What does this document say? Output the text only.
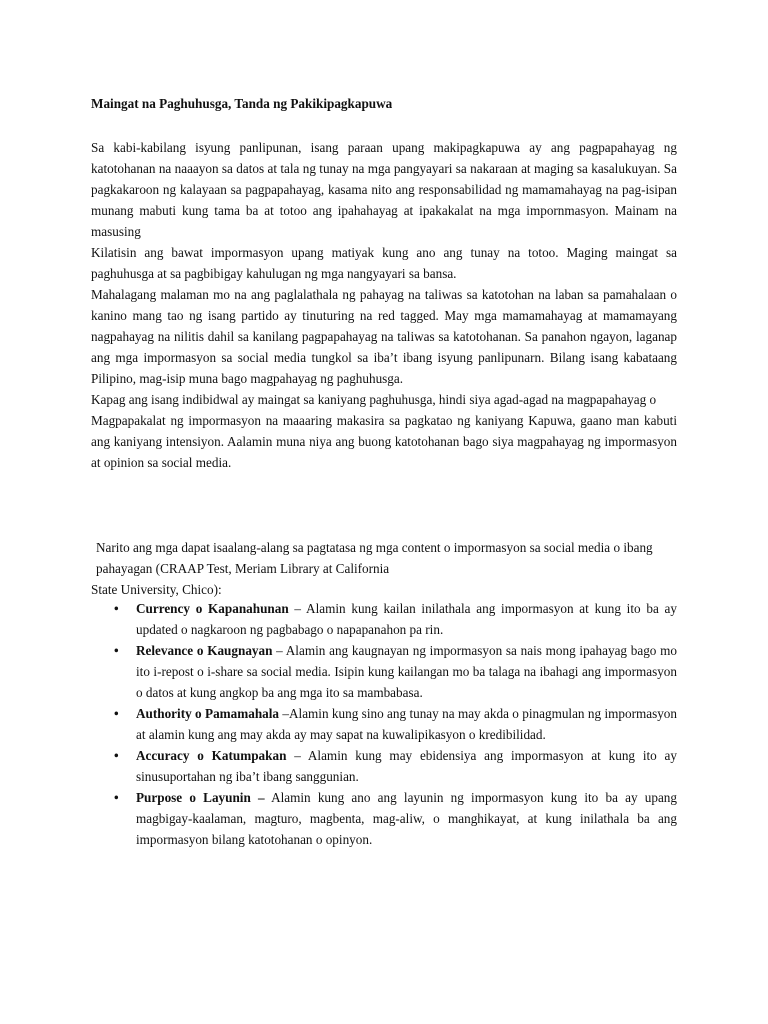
Maingat na Paghuhusga, Tanda ng Pakikipagkapuwa

Sa kabi-kabilang isyung panlipunan, isang paraan upang makipagkapuwa ay ang pagpapahayag ng katotohanan na naaayon sa datos at tala ng tunay na mga pangyayari sa nakaraan at maging sa kasalukuyan. Sa pagkakaroon ng kalayaan sa pagpapahayag, kasama nito ang responsabilidad ng mamamahayag na pag-isipan munang mabuti kung tama ba at totoo ang ipahahayag at ipakakalat na mga impornmasyon. Mainam na masusing

Kilatisin ang bawat impormasyon upang matiyak kung ano ang tunay na totoo. Maging maingat sa paghuhusga at sa pagbibigay kahulugan ng mga nangyayari sa bansa.

Mahalagang malaman mo na ang paglalathala ng pahayag na taliwas sa katotohan na laban sa pamahalaan o kanino mang tao ng isang partido ay tinuturing na red tagged. May mga mamamahayag at mamamayang nagpahayag na nilitis dahil sa kanilang pagpapahayag na taliwas sa katotohanan. Sa panahon ngayon, laganap ang mga impormasyon sa social media tungkol sa iba’t ibang isyung panlipunarn. Bilang isang kabataang Pilipino, mag-isip muna bago magpahayag ng paghuhusga.

Kapag ang isang indibidwal ay maingat sa kaniyang paghuhusga, hindi siya agad-agad na magpapahayag o

Magpapakalat ng impormasyon na maaaring makasira sa pagkatao ng kaniyang Kapuwa, gaano man kabuti ang kaniyang intensiyon. Aalamin muna niya ang buong katotohanan bago siya magpahayag ng impormasyon at opinion sa social media.

Narito ang mga dapat isaalang-alang sa pagtatasa ng mga content o impormasyon sa social media o ibang pahayagan (CRAAP Test, Meriam Library at California

State University, Chico):

• Currency o Kapanahunan – Alamin kung kailan inilathala ang impormasyon at kung ito ba ay updated o nagkaroon ng pagbabago o napapanahon pa rin.
• Relevance o Kaugnayan – Alamin ang kaugnayan ng impormasyon sa nais mong ipahayag bago mo ito i-repost o i-share sa social media. Isipin kung kailangan mo ba talaga na ibahagi ang impormasyon o datos at kung angkop ba ang mga ito sa mambabasa.
• Authority o Pamamahala –Alamin kung sino ang tunay na may akda o pinagmulan ng impormasyon at alamin kung ang may akda ay may sapat na kuwalipikasyon o kredibilidad.
• Accuracy o Katumpakan – Alamin kung may ebidensiya ang impormasyon at kung ito ay sinusuportahan ng iba’t ibang sanggunian.
• Purpose o Layunin – Alamin kung ano ang layunin ng impormasyon kung ito ba ay upang magbigay-kaalaman, magturo, magbenta, mag-aliw, o manghikayat, at kung inilathala ba ang impormasyon bilang katotohanan o opinyon.
